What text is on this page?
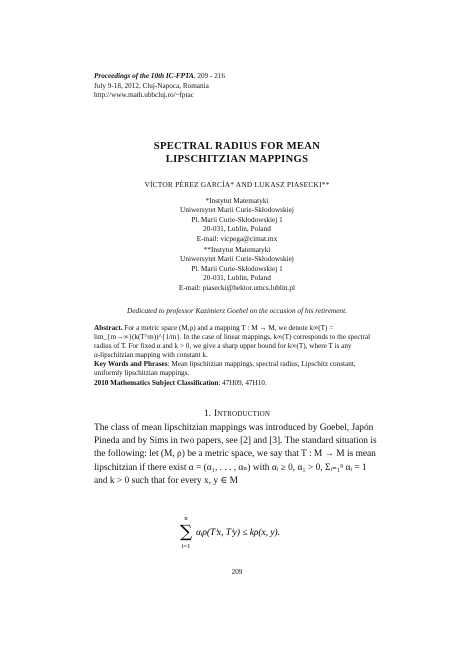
Proceedings of the 10th IC-FPTA, 209 - 216
July 9-18, 2012, Cluj-Napoca, Romania
http://www.math.ubbcluj.ro/~fptac
SPECTRAL RADIUS FOR MEAN
LIPSCHITZIAN MAPPINGS
VÍCTOR PÉREZ GARCÍA* AND LUKASZ PIASECKI**
*Instytut Matematyki
Uniwersytet Marii Curie-Skłodowskiej
Pl. Marii Curie-Skłodowskiej 1
20-031, Lublin, Poland
E-mail: vicpega@cimat.mx
**Instytut Matematyki
Uniwersytet Marii Curie-Skłodowskiej
Pl. Marii Curie-Skłodowskiej 1
20-031, Lublin, Poland
E-mail: piasecki@hektor.umcs.lublin.pl
Dedicated to professor Kazimierz Goebel on the occasion of his retirement.
Abstract. For a metric space (M,ρ) and a mapping T : M → M, we denote k∞(T) =
lim_{m→∞}(k(T^m))^{1/m}. In the case of linear mappings, k∞(T) corresponds to the spectral
radius of T. For fixed α and k > 0, we give a sharp upper bound for k∞(T), where T is any
α-lipschitzian mapping with constant k.
Key Words and Phrases: Mean lipschitzian mappings, spectral radius, Lipschitz constant,
uniformly lipschitzian mappings.
2010 Mathematics Subject Classification: 47H09, 47H10.
1. Introduction
The class of mean lipschitzian mappings was introduced by Goebel, Japón
Pineda and by Sims in two papers, see [2] and [3]. The standard situation is
the following: let (M, ρ) be a metric space, we say that T : M → M is mean
lipschitzian if there exist α = (α₁, . . . , αₙ) with αᵢ ≥ 0, α₁ > 0, Σᵢ₌₁ⁿ αᵢ = 1
and k > 0 such that for every x, y ∈ M
n
∑
i=1
αᵢρ(Tⁱx, Tⁱy) ≤ kρ(x, y).
209
